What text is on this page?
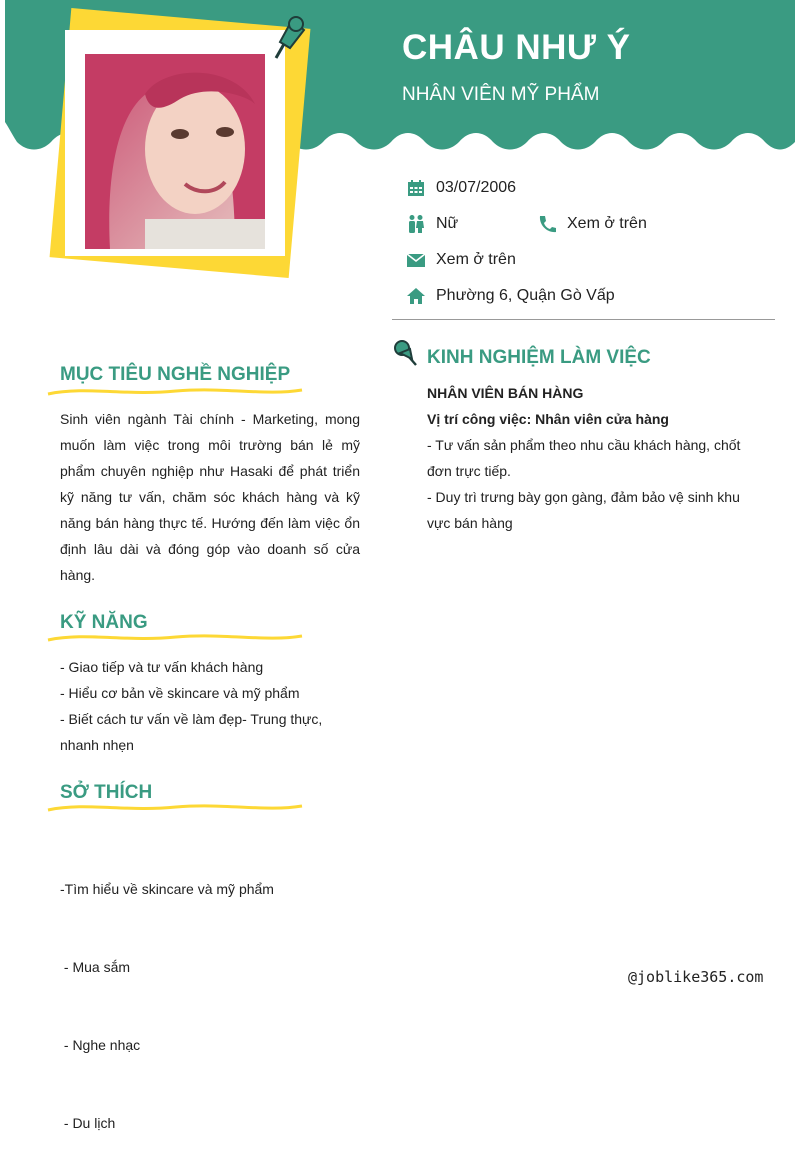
CHÂU NHƯ Ý
NHÂN VIÊN MỸ PHẨM
03/07/2006
Nữ	Xem ở trên
Xem ở trên
Phường 6, Quận Gò Vấp
MỤC TIÊU NGHỀ NGHIỆP
Sinh viên ngành Tài chính - Marketing, mong muốn làm việc trong môi trường bán lẻ mỹ phẩm chuyên nghiệp như Hasaki để phát triển kỹ năng tư vấn, chăm sóc khách hàng và kỹ năng bán hàng thực tế. Hướng đến làm việc ổn định lâu dài và đóng góp vào doanh số cửa hàng.
KỸ NĂNG
- Giao tiếp và tư vấn khách hàng
- Hiểu cơ bản về skincare và mỹ phẩm
- Biết cách tư vấn về làm đẹp- Trung thực, nhanh nhẹn
SỞ THÍCH

-Tìm hiểu về skincare và mỹ phẩm

- Mua sắm

- Nghe nhạc

- Du lịch

KINH NGHIỆM LÀM VIỆC
NHÂN VIÊN BÁN HÀNG
Vị trí công việc: Nhân viên cửa hàng
- Tư vấn sản phẩm theo nhu cầu khách hàng, chốt đơn trực tiếp.
- Duy trì trưng bày gọn gàng, đảm bảo vệ sinh khu vực bán hàng
@joblike365.com
